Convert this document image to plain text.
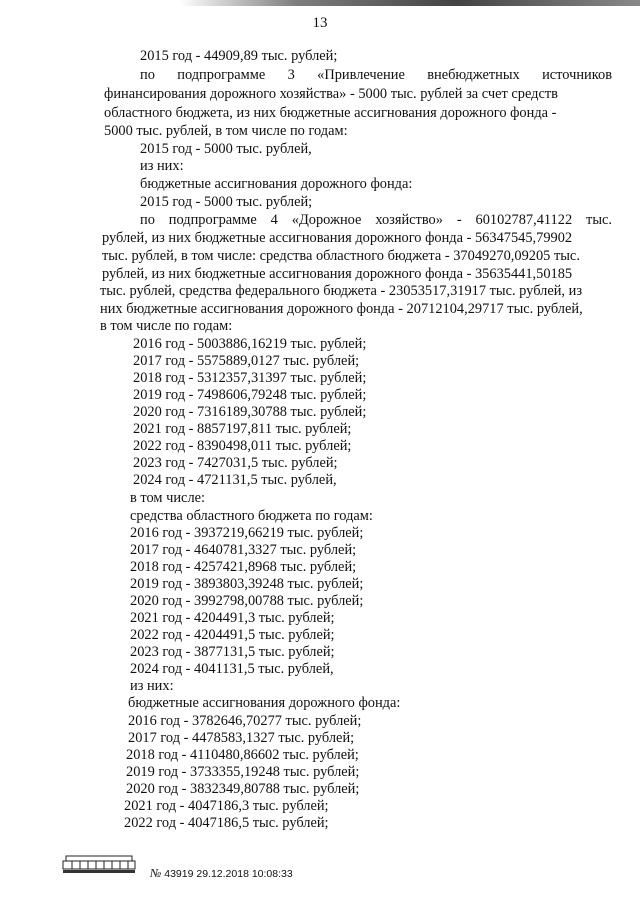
13
2015 год - 44909,89 тыс. рублей;
по подпрограмме 3 «Привлечение внебюджетных источников
финансирования дорожного хозяйства» - 5000 тыс. рублей за счет средств
областного бюджета, из них бюджетные ассигнования дорожного фонда -
5000 тыс. рублей, в том числе по годам:
2015 год - 5000 тыс. рублей,
из них:
бюджетные ассигнования дорожного фонда:
2015 год - 5000 тыс. рублей;
по подпрограмме 4 «Дорожное хозяйство» - 60102787,41122 тыс.
рублей, из них бюджетные ассигнования дорожного фонда - 56347545,79902
тыс. рублей, в том числе: средства областного бюджета - 37049270,09205 тыс.
рублей, из них бюджетные ассигнования дорожного фонда - 35635441,50185
тыс. рублей, средства федерального бюджета - 23053517,31917 тыс. рублей, из
них бюджетные ассигнования дорожного фонда - 20712104,29717 тыс. рублей,
в том числе по годам:
2016 год - 5003886,16219 тыс. рублей;
2017 год - 5575889,0127 тыс. рублей;
2018 год - 5312357,31397 тыс. рублей;
2019 год - 7498606,79248 тыс. рублей;
2020 год - 7316189,30788 тыс. рублей;
2021 год - 8857197,811 тыс. рублей;
2022 год - 8390498,011 тыс. рублей;
2023 год - 7427031,5 тыс. рублей;
2024 год - 4721131,5 тыс. рублей,
в том числе:
средства областного бюджета по годам:
2016 год - 3937219,66219 тыс. рублей;
2017 год - 4640781,3327 тыс. рублей;
2018 год - 4257421,8968 тыс. рублей;
2019 год - 3893803,39248 тыс. рублей;
2020 год - 3992798,00788 тыс. рублей;
2021 год - 4204491,3 тыс. рублей;
2022 год - 4204491,5 тыс. рублей;
2023 год - 3877131,5 тыс. рублей;
2024 год - 4041131,5 тыс. рублей,
из них:
бюджетные ассигнования дорожного фонда:
2016 год - 3782646,70277 тыс. рублей;
2017 год - 4478583,1327 тыс. рублей;
2018 год - 4110480,86602 тыс. рублей;
2019 год - 3733355,19248 тыс. рублей;
2020 год - 3832349,80788 тыс. рублей;
2021 год - 4047186,3 тыс. рублей;
2022 год - 4047186,5 тыс. рублей;
№ 43919 29.12.2018 10:08:33
